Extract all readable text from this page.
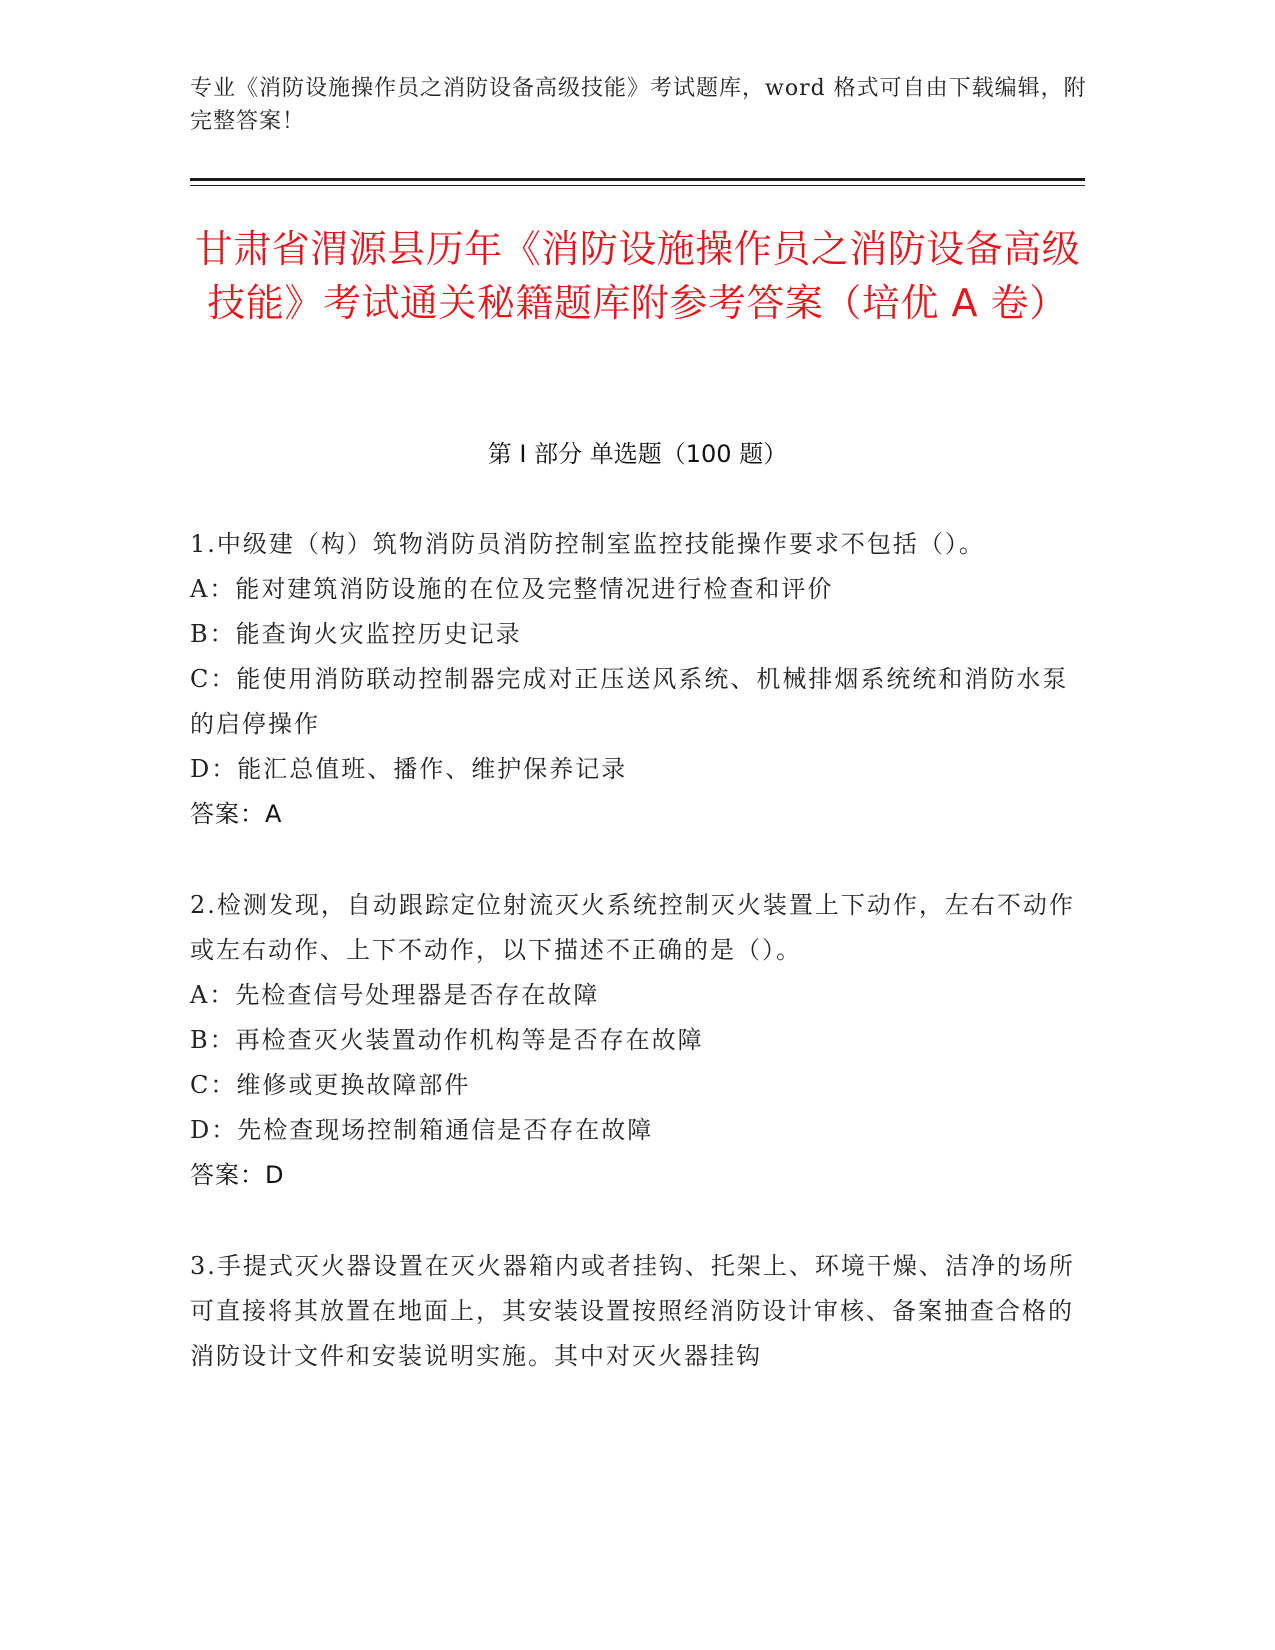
专业《消防设施操作员之消防设备高级技能》考试题库，word 格式可自由下载编辑，附完整答案！
甘肃省渭源县历年《消防设施操作员之消防设备高级技能》考试通关秘籍题库附参考答案（培优 A 卷）
第 I 部分 单选题（100 题）

1.中级建（构）筑物消防员消防控制室监控技能操作要求不包括（）。

A：能对建筑消防设施的在位及完整情况进行检查和评价

B：能查询火灾监控历史记录

C：能使用消防联动控制器完成对正压送风系统、机械排烟系统统和消防水泵的启停操作

D：能汇总值班、播作、维护保养记录

答案：A

2.检测发现，自动跟踪定位射流灭火系统控制灭火装置上下动作，左右不动作或左右动作、上下不动作，以下描述不正确的是（）。

A：先检查信号处理器是否存在故障

B：再检查灭火装置动作机构等是否存在故障

C：维修或更换故障部件

D：先检查现场控制箱通信是否存在故障

答案：D

3.手提式灭火器设置在灭火器箱内或者挂钩、托架上、环境干燥、洁净的场所可直接将其放置在地面上，其安装设置按照经消防设计审核、备案抽查合格的消防设计文件和安装说明实施。其中对灭火器挂钩
